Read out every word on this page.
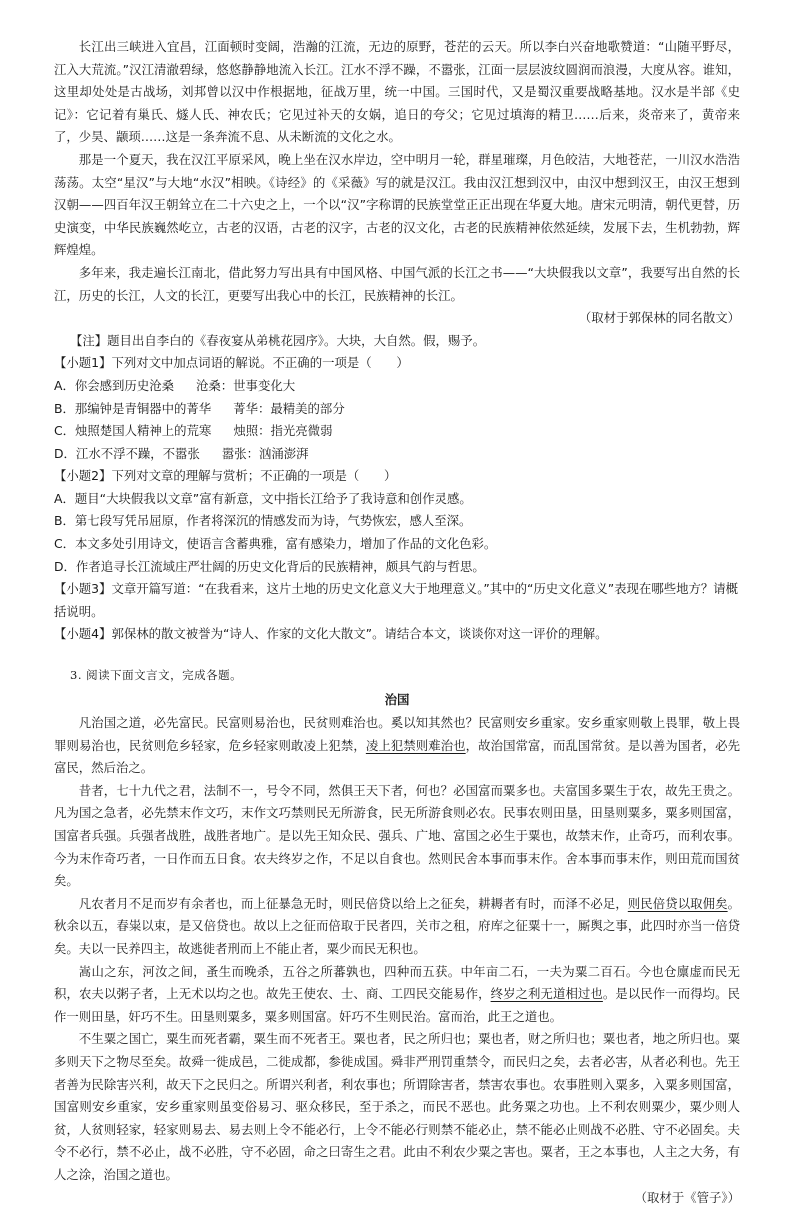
长江出三峡进入宜昌，江面顿时变阔，浩瀚的江流，无边的原野，苍茫的云天。所以李白兴奋地歌赞道：“山随平野尽，江入大荒流。”汉江清澈碧绿，悠悠静静地流入长江。江水不浮不躁，不嚣张，江面一层层波纹圆润而浪漫，大度从容。谁知，这里却处处是古战场，刘邦曾以汉中作根据地，征战万里，统一中国。三国时代，又是蜀汉重要战略基地。汉水是半部《史记》：它记着有巢氏、燧人氏、神农氏；它见过补天的女娲，追日的夸父；它见过填海的精卫……后来，炎帝来了，黄帝来了，少昊、颛顼……这是一条奔流不息、从未断流的文化之水。

那是一个夏天，我在汉江平原采风，晚上坐在汉水岸边，空中明月一轮，群星璀璨，月色皎洁，大地苍茫，一川汉水浩浩荡荡。太空“星汉”与大地“水汉”相映。《诗经》的《采薇》写的就是汉江。我由汉江想到汉中，由汉中想到汉王，由汉王想到汉朝——四百年汉王朝耸立在二十六史之上，一个以“汉”字称谓的民族堂堂正正出现在华夏大地。唐宋元明清，朝代更替，历史演变，中华民族巍然屹立，古老的汉语，古老的汉字，古老的汉文化，古老的民族精神依然延续，发展下去，生机勃勃，辉辉煌煌。

多年来，我走遍长江南北，借此努力写出具有中国风格、中国气派的长江之书——“大块假我以文章”，我要写出自然的长江，历史的长江，人文的长江，更要写出我心中的长江，民族精神的长江。

（取材于郭保林的同名散文）

【注】题目出自李白的《春夜宴从弟桃花园序》。大块，大自然。假，赐予。

【小题1】下列对文中加点词语的解说。不正确的一项是（　　）

A．你会感到历史沧桑 沧桑：世事变化大

B．那编钟是青铜器中的菁华 菁华：最精美的部分

C．烛照楚国人精神上的荒寒 烛照：指光亮微弱

D．江水不浮不躁，不嚣张 嚣张：汹涌澎湃

【小题2】下列对文章的理解与赏析；不正确的一项是（　　）

A．题目“大块假我以文章”富有新意，文中指长江给予了我诗意和创作灵感。

B．第七段写凭吊屈原，作者将深沉的情感发而为诗，气势恢宏，感人至深。

C．本文多处引用诗文，使语言含蓄典雅，富有感染力，增加了作品的文化色彩。

D．作者追寻长江流域庄严壮阔的历史文化背后的民族精神，颇具气韵与哲思。

【小题3】文章开篇写道：“在我看来，这片土地的历史文化意义大于地理意义。”其中的“历史文化意义”表现在哪些地方？请概括说明。

【小题4】郭保林的散文被誉为“诗人、作家的文化大散文”。请结合本文，谈谈你对这一评价的理解。

3. 阅读下面文言文，完成各题。

治国

凡治国之道，必先富民。民富则易治也，民贫则难治也。奚以知其然也？民富则安乡重家。安乡重家则敬上畏罪，敬上畏罪则易治也，民贫则危乡轻家，危乡轻家则敢凌上犯禁，凌上犯禁则难治也，故治国常富，而乱国常贫。是以善为国者，必先富民，然后治之。

昔者，七十九代之君，法制不一，号令不同，然俱王天下者，何也？必国富而粟多也。夫富国多粟生于农，故先王贵之。凡为国之急者，必先禁末作文巧，末作文巧禁则民无所游食，民无所游食则必农。民事农则田垦，田垦则粟多，粟多则国富，国富者兵强。兵强者战胜，战胜者地广。是以先王知众民、强兵、广地、富国之必生于粟也，故禁末作，止奇巧，而利农事。今为末作奇巧者，一日作而五日食。农夫终岁之作，不足以自食也。然则民舍本事而事末作。舍本事而事末作，则田荒而国贫矣。

凡农者月不足而岁有余者也，而上征暴急无时，则民倍贷以给上之征矣，耕耨者有时，而泽不必足，则民倍贷以取佣矣。秋余以五，春粜以束，是又倍贷也。故以上之征而倍取于民者四，关市之租，府库之征粟十一，厮舆之事，此四时亦当一倍贷矣。夫以一民养四主，故逃徙者刑而上不能止者，粟少而民无积也。

嵩山之东，河汝之间，蚤生而晚杀，五谷之所蕃孰也，四种而五获。中年亩二石，一夫为粟二百石。今也仓廪虚而民无积，农夫以粥子者，上无术以均之也。故先王使农、士、商、工四民交能易作，终岁之利无道相过也。是以民作一而得均。民作一则田垦，奸巧不生。田垦则粟多，粟多则国富。奸巧不生则民治。富而治，此王之道也。

不生粟之国亡，粟生而死者霸，粟生而不死者王。粟也者，民之所归也；粟也者，财之所归也；粟也者，地之所归也。粟多则天下之物尽至矣。故舜一徙成邑，二徙成都，参徙成国。舜非严刑罚重禁令，而民归之矣，去者必害，从者必利也。先王者善为民除害兴利，故天下之民归之。所谓兴利者，利农事也；所谓除害者，禁害农事也。农事胜则入粟多，入粟多则国富，国富则安乡重家，安乡重家则虽变俗易习、驱众移民，至于杀之，而民不恶也。此务粟之功也。上不利农则粟少，粟少则人贫，人贫则轻家，轻家则易去、易去则上令不能必行，上令不能必行则禁不能必止，禁不能必止则战不必胜、守不必固矣。夫令不必行，禁不必止，战不必胜，守不必固，命之曰寄生之君。此由不利农少粟之害也。粟者，王之本事也，人主之大务，有人之涂，治国之道也。

（取材于《管子》）
